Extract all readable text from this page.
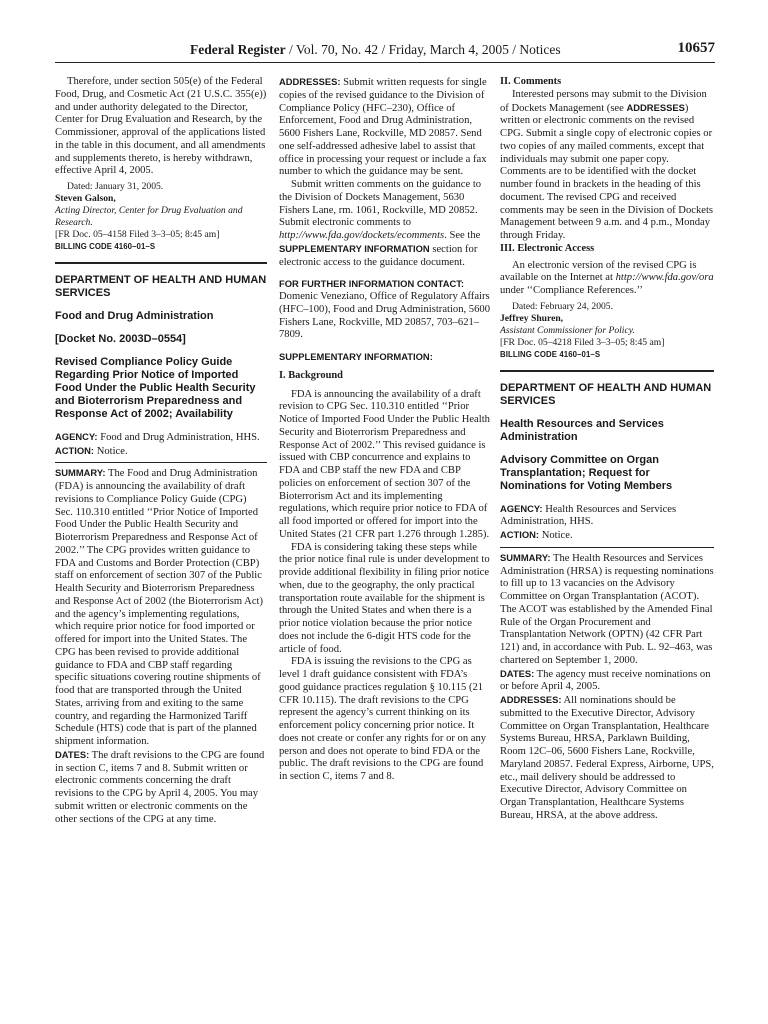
Federal Register / Vol. 70, No. 42 / Friday, March 4, 2005 / Notices	10657

Therefore, under section 505(e) of the Federal Food, Drug, and Cosmetic Act (21 U.S.C. 355(e)) and under authority delegated to the Director, Center for Drug Evaluation and Research, by the Commissioner, approval of the applications listed in the table in this document, and all amendments and supplements thereto, is hereby withdrawn, effective April 4, 2005.

Dated: January 31, 2005.

Steven Galson,

Acting Director, Center for Drug Evaluation and Research.

[FR Doc. 05–4158 Filed 3–3–05; 8:45 am]

BILLING CODE 4160–01–S

DEPARTMENT OF HEALTH AND HUMAN SERVICES

Food and Drug Administration

[Docket No. 2003D–0554]

Revised Compliance Policy Guide Regarding Prior Notice of Imported Food Under the Public Health Security and Bioterrorism Preparedness and Response Act of 2002; Availability

AGENCY: Food and Drug Administration, HHS.

ACTION: Notice.

SUMMARY: The Food and Drug Administration (FDA) is announcing the availability of draft revisions to Compliance Policy Guide (CPG) Sec. 110.310 entitled ‘‘Prior Notice of Imported Food Under the Public Health Security and Bioterrorism Preparedness and Response Act of 2002.’’ The CPG provides written guidance to FDA and Customs and Border Protection (CBP) staff on enforcement of section 307 of the Public Health Security and Bioterrorism Preparedness and Response Act of 2002 (the Bioterrorism Act) and the agency’s implementing regulations, which require prior notice for food imported or offered for import into the United States. The CPG has been revised to provide additional guidance to FDA and CBP staff regarding specific situations covering routine shipments of food that are transported through the United States, arriving from and exiting to the same country, and regarding the Harmonized Tariff Schedule (HTS) code that is part of the planned shipment information.

DATES: The draft revisions to the CPG are found in section C, items 7 and 8. Submit written or electronic comments concerning the draft revisions to the CPG by April 4, 2005. You may submit written or electronic comments on the other sections of the CPG at any time.

ADDRESSES: Submit written requests for single copies of the revised guidance to the Division of Compliance Policy (HFC–230), Office of Enforcement, Food and Drug Administration, 5600 Fishers Lane, Rockville, MD 20857. Send one self-addressed adhesive label to assist that office in processing your request or include a fax number to which the guidance may be sent.

Submit written comments on the guidance to the Division of Dockets Management, 5630 Fishers Lane, rm. 1061, Rockville, MD 20852. Submit electronic comments to http://www.fda.gov/dockets/ecomments. See the SUPPLEMENTARY INFORMATION section for electronic access to the guidance document.

FOR FURTHER INFORMATION CONTACT:

Domenic Veneziano, Office of Regulatory Affairs (HFC–100), Food and Drug Administration, 5600 Fishers Lane, Rockville, MD 20857, 703–621–7809.

SUPPLEMENTARY INFORMATION:

I. Background

FDA is announcing the availability of a draft revision to CPG Sec. 110.310 entitled ‘‘Prior Notice of Imported Food Under the Public Health Security and Bioterrorism Preparedness and Response Act of 2002.’’ This revised guidance is issued with CBP concurrence and explains to FDA and CBP staff the new FDA and CBP policies on enforcement of section 307 of the Bioterrorism Act and its implementing regulations, which require prior notice to FDA of all food imported or offered for import into the United States (21 CFR part 1.276 through 1.285).

FDA is considering taking these steps while the prior notice final rule is under development to provide additional flexibility in filing prior notice when, due to the geography, the only practical transportation route available for the shipment is through the United States and when there is a prior notice violation because the prior notice does not include the 6-digit HTS code for the article of food.

FDA is issuing the revisions to the CPG as level 1 draft guidance consistent with FDA’s good guidance practices regulation § 10.115 (21 CFR 10.115). The draft revisions to the CPG represent the agency’s current thinking on its enforcement policy concerning prior notice. It does not create or confer any rights for or on any person and does not operate to bind FDA or the public. The draft revisions to the CPG are found in section C, items 7 and 8.

II. Comments

Interested persons may submit to the Division of Dockets Management (see ADDRESSES) written or electronic comments on the revised CPG. Submit a single copy of electronic copies or two copies of any mailed comments, except that individuals may submit one paper copy. Comments are to be identified with the docket number found in brackets in the heading of this document. The revised CPG and received comments may be seen in the Division of Dockets Management between 9 a.m. and 4 p.m., Monday through Friday.

III. Electronic Access

An electronic version of the revised CPG is available on the Internet at http://www.fda.gov/ora under ‘‘Compliance References.’’

Dated: February 24, 2005.

Jeffrey Shuren,

Assistant Commissioner for Policy.

[FR Doc. 05–4218 Filed 3–3–05; 8:45 am]

BILLING CODE 4160–01–S

DEPARTMENT OF HEALTH AND HUMAN SERVICES

Health Resources and Services Administration

Advisory Committee on Organ Transplantation; Request for Nominations for Voting Members

AGENCY: Health Resources and Services Administration, HHS.

ACTION: Notice.

SUMMARY: The Health Resources and Services Administration (HRSA) is requesting nominations to fill up to 13 vacancies on the Advisory Committee on Organ Transplantation (ACOT). The ACOT was established by the Amended Final Rule of the Organ Procurement and Transplantation Network (OPTN) (42 CFR Part 121) and, in accordance with Pub. L. 92–463, was chartered on September 1, 2000.

DATES: The agency must receive nominations on or before April 4, 2005.

ADDRESSES: All nominations should be submitted to the Executive Director, Advisory Committee on Organ Transplantation, Healthcare Systems Bureau, HRSA, Parklawn Building, Room 12C–06, 5600 Fishers Lane, Rockville, Maryland 20857. Federal Express, Airborne, UPS, etc., mail delivery should be addressed to Executive Director, Advisory Committee on Organ Transplantation, Healthcare Systems Bureau, HRSA, at the above address.
